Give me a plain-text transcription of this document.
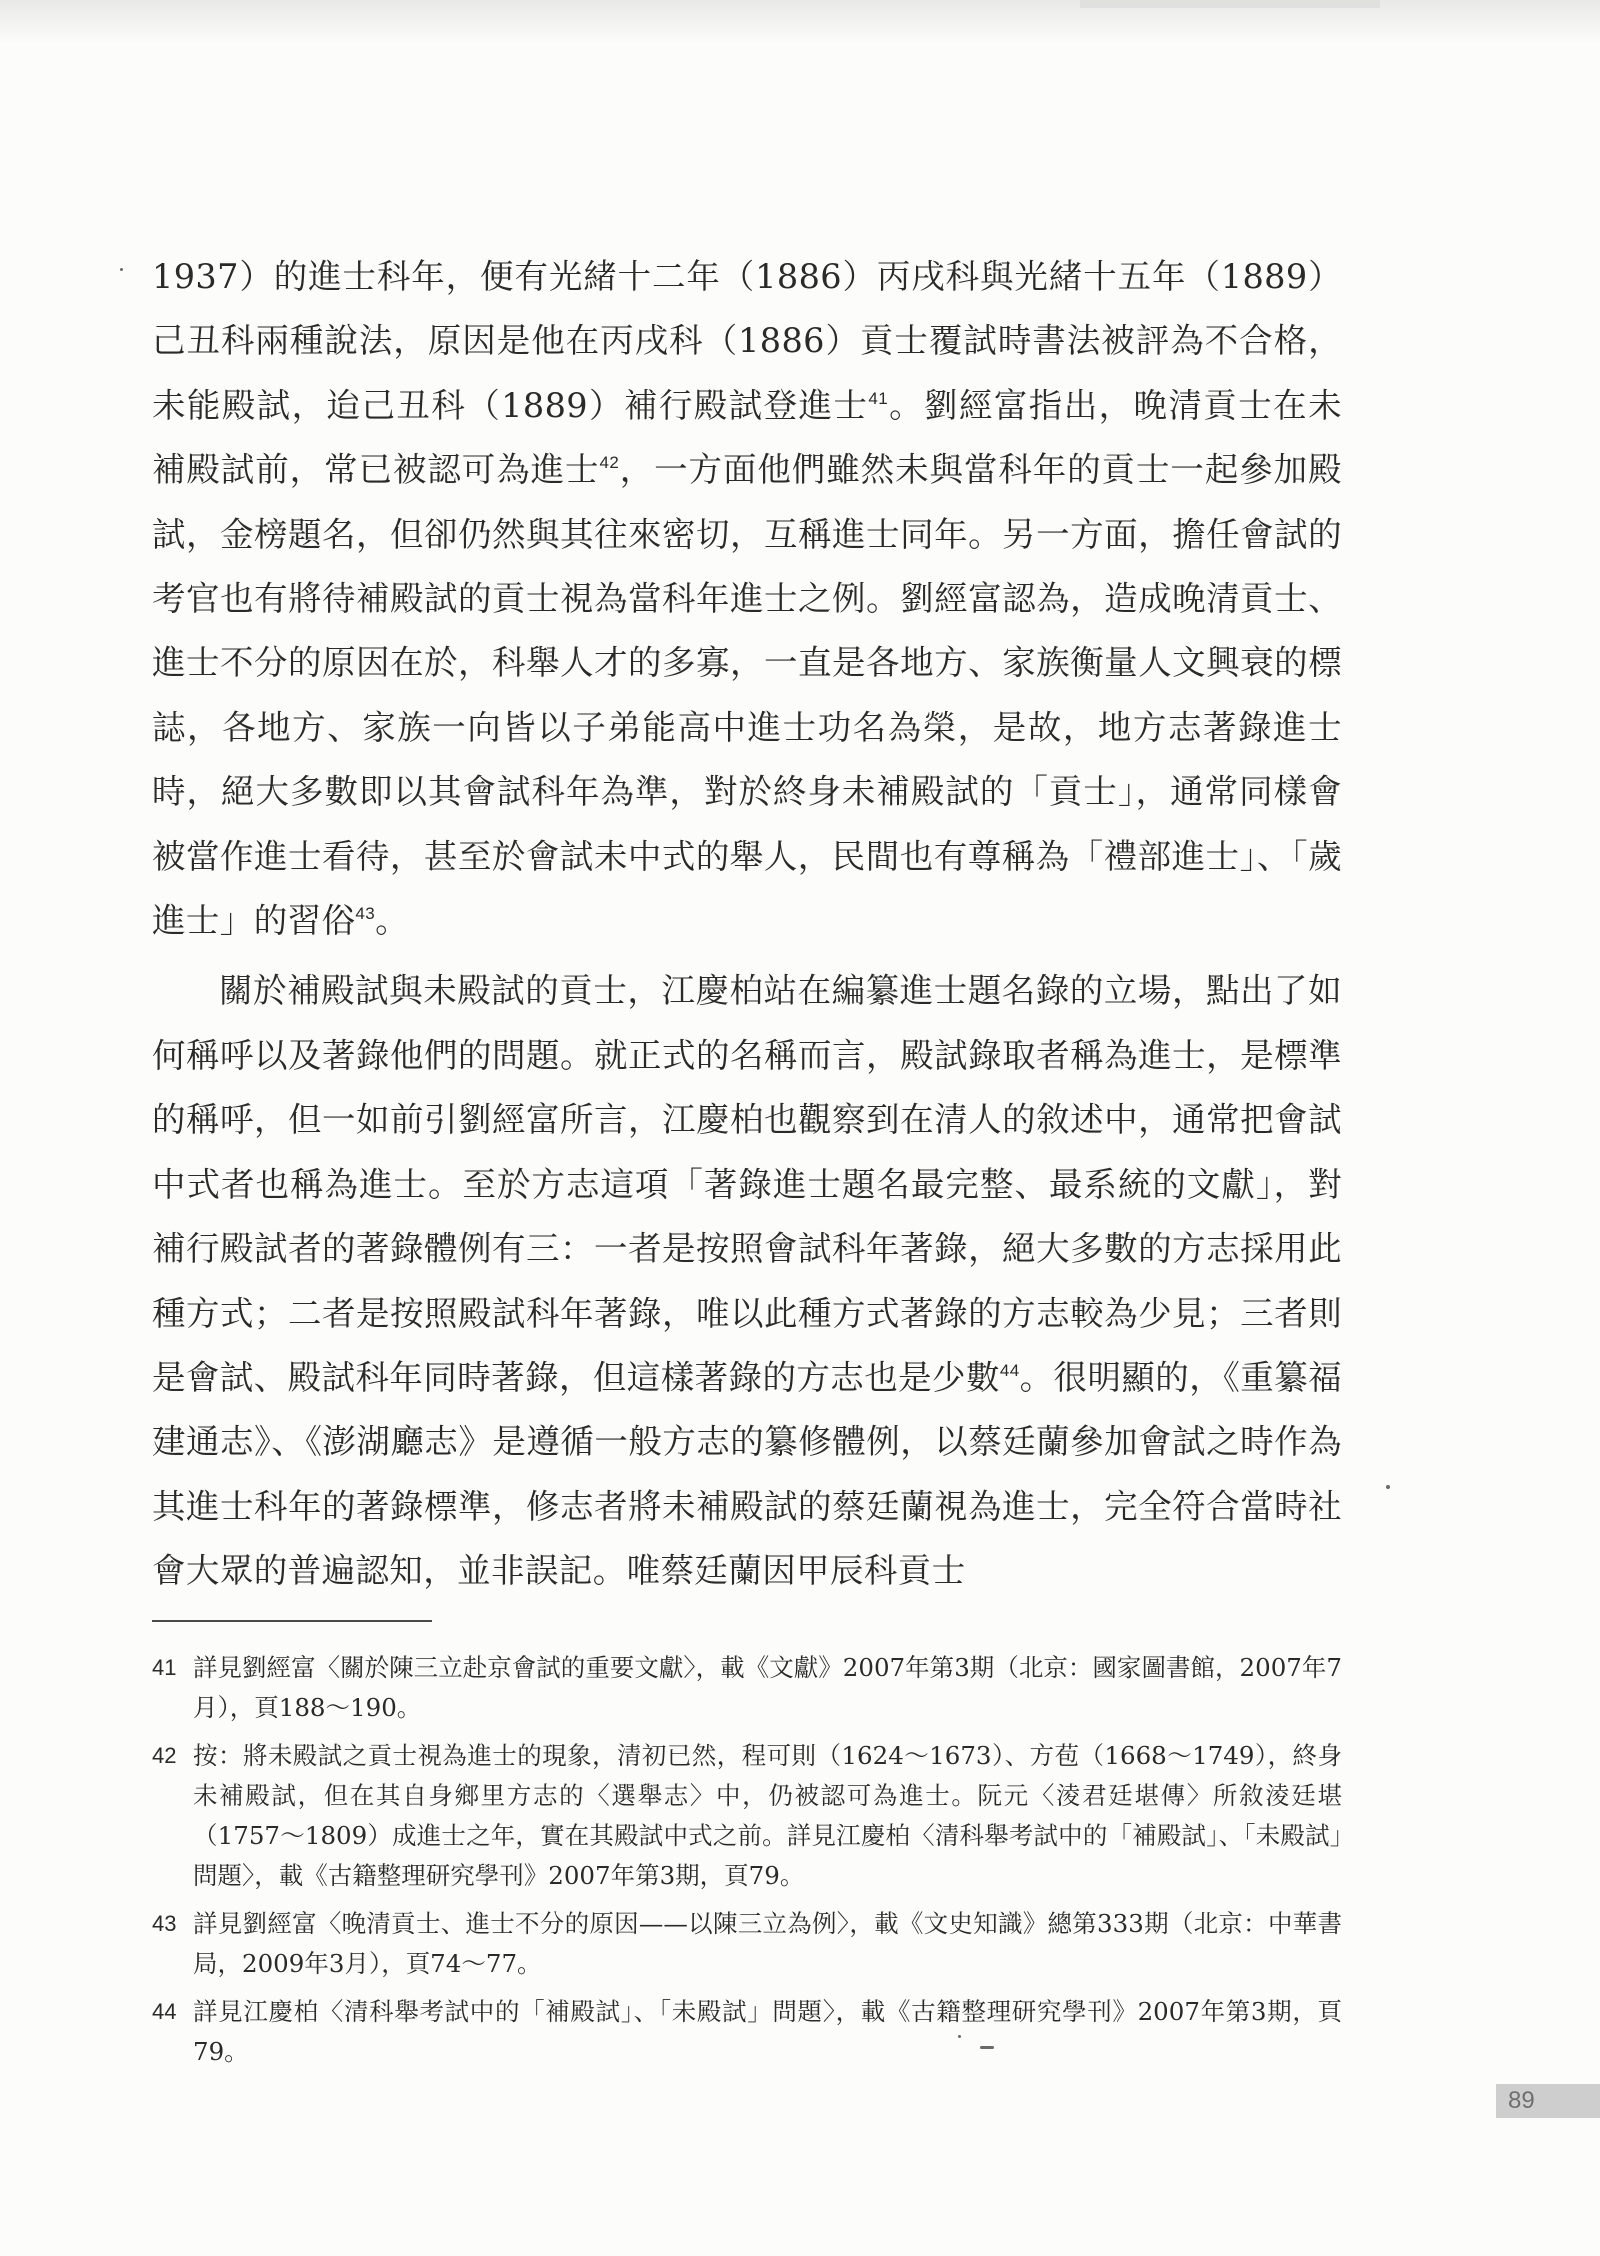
1937）的進士科年，便有光緒十二年（1886）丙戌科與光緒十五年（1889）己丑科兩種說法，原因是他在丙戌科（1886）貢士覆試時書法被評為不合格，未能殿試，迨己丑科（1889）補行殿試登進士$^{41}$。劉經富指出，晚清貢士在未補殿試前，常已被認可為進士$^{42}$，一方面他們雖然未與當科年的貢士一起參加殿試，金榜題名，但卻仍然與其往來密切，互稱進士同年。另一方面，擔任會試的考官也有將待補殿試的貢士視為當科年進士之例。劉經富認為，造成晚清貢士、進士不分的原因在於，科舉人才的多寡，一直是各地方、家族衡量人文興衰的標誌，各地方、家族一向皆以子弟能高中進士功名為榮，是故，地方志著錄進士時，絕大多數即以其會試科年為準，對於終身未補殿試的「貢士」，通常同樣會被當作進士看待，甚至於會試未中式的舉人，民間也有尊稱為「禮部進士」、「歲進士」的習俗$^{43}$。

關於補殿試與未殿試的貢士，江慶柏站在編纂進士題名錄的立場，點出了如何稱呼以及著錄他們的問題。就正式的名稱而言，殿試錄取者稱為進士，是標準的稱呼，但一如前引劉經富所言，江慶柏也觀察到在清人的敘述中，通常把會試中式者也稱為進士。至於方志這項「著錄進士題名最完整、最系統的文獻」，對補行殿試者的著錄體例有三：一者是按照會試科年著錄，絕大多數的方志採用此種方式；二者是按照殿試科年著錄，唯以此種方式著錄的方志較為少見；三者則是會試、殿試科年同時著錄，但這樣著錄的方志也是少數$^{44}$。很明顯的，《重纂福建通志》、《澎湖廳志》是遵循一般方志的纂修體例，以蔡廷蘭參加會試之時作為其進士科年的著錄標準，修志者將未補殿試的蔡廷蘭視為進士，完全符合當時社會大眾的普遍認知，並非誤記。唯蔡廷蘭因甲辰科貢士

41 詳見劉經富〈關於陳三立赴京會試的重要文獻〉，載《文獻》2007年第3期（北京：國家圖書館，2007年7月），頁188～190。
42 按：將未殿試之貢士視為進士的現象，清初已然，程可則（1624～1673）、方苞（1668～1749），終身未補殿試，但在其自身鄉里方志的〈選舉志〉中，仍被認可為進士。阮元〈淩君廷堪傳〉所敘淩廷堪（1757～1809）成進士之年，實在其殿試中式之前。詳見江慶柏〈清科舉考試中的「補殿試」、「未殿試」問題〉，載《古籍整理研究學刊》2007年第3期，頁79。
43 詳見劉經富〈晚清貢士、進士不分的原因——以陳三立為例〉，載《文史知識》總第333期（北京：中華書局，2009年3月），頁74～77。
44 詳見江慶柏〈清科舉考試中的「補殿試」、「未殿試」問題〉，載《古籍整理研究學刊》2007年第3期，頁79。
89
